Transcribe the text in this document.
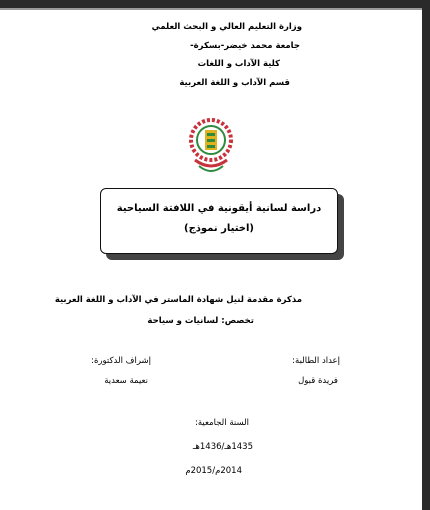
وزارة التعليم العالي و البحث العلمي
جامعة محمد خيضر-بسكرة-
كلية الآداب و اللغات
قسم الآداب و اللغة العربية
دراسة لسانية أيقونية في اللافتة السياحية
(اختيار نموذج)
مذكرة مقدمة لنيل شهادة الماستر في الآداب و اللغة العربية
تخصص: لسانيات و سياحة
إعداد الطالبة:
إشراف الدكتورة:
فريدة قبول
نعيمة سعدية
السنة الجامعية:
1435هـ/1436هـ
2014م/2015م
